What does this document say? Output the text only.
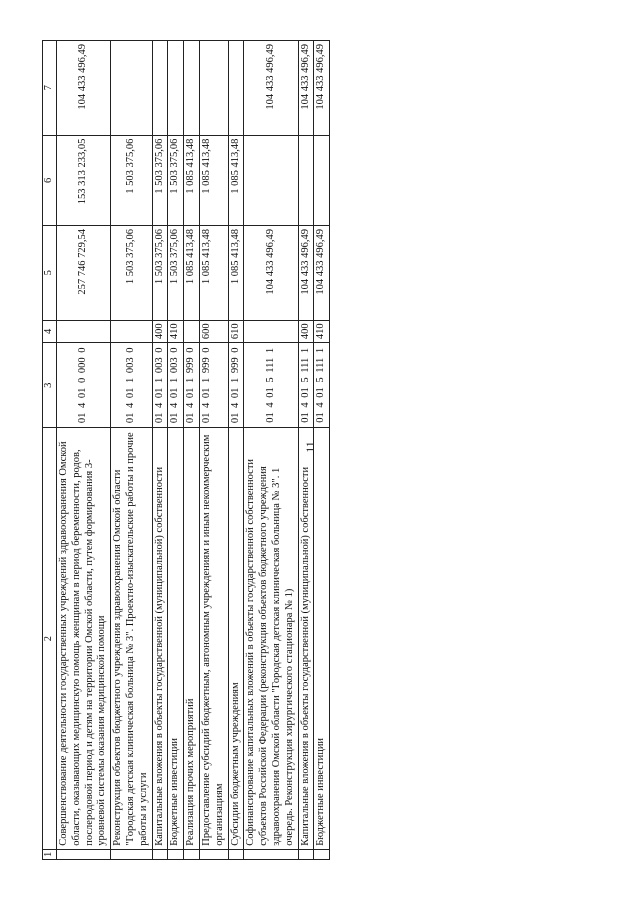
11
1	2	3	4	5	6	7
	Совершенствование деятельности государственных учреждений здравоохранения Омской области, оказывающих медицинскую помощь женщинам в период беременности, родов, послеродовой период и детям на территории Омской области, путем формирования 3-уровневой системы оказания медицинской помощи	01 4 01 0 000 0		257 746 729,54	153 313 233,05	104 433 496,49
	Реконструкция объектов бюджетного учреждения здравоохранения Омской области "Городская детская клиническая больница № 3". Проектно-изыскательские работы и прочие работы и услуги	01 4 01 1 003 0		1 503 375,06	1 503 375,06	
	Капитальные вложения в объекты государственной (муниципальной) собственности	01 4 01 1 003 0	400	1 503 375,06	1 503 375,06	
	Бюджетные инвестиции	01 4 01 1 003 0	410	1 503 375,06	1 503 375,06	
	Реализация прочих мероприятий	01 4 01 1 999 0		1 085 413,48	1 085 413,48	
	Предоставление субсидий бюджетным, автономным учреждениям и иным некоммерческим организациям	01 4 01 1 999 0	600	1 085 413,48	1 085 413,48	
	Субсидии бюджетным учреждениям	01 4 01 1 999 0	610	1 085 413,48	1 085 413,48	
	Софинансирование капитальных вложений в объекты государственной собственности субъектов Российской Федерации (реконструкция объектов бюджетного учреждения здравоохранения Омской области "Городская детская клиническая больница № 3". 1 очередь. Реконструкция хирургического стационара № 1)	01 4 01 5 111 1		104 433 496,49		104 433 496,49
	Капитальные вложения в объекты государственной (муниципальной) собственности	01 4 01 5 111 1	400	104 433 496,49		104 433 496,49
	Бюджетные инвестиции	01 4 01 5 111 1	410	104 433 496,49		104 433 496,49
